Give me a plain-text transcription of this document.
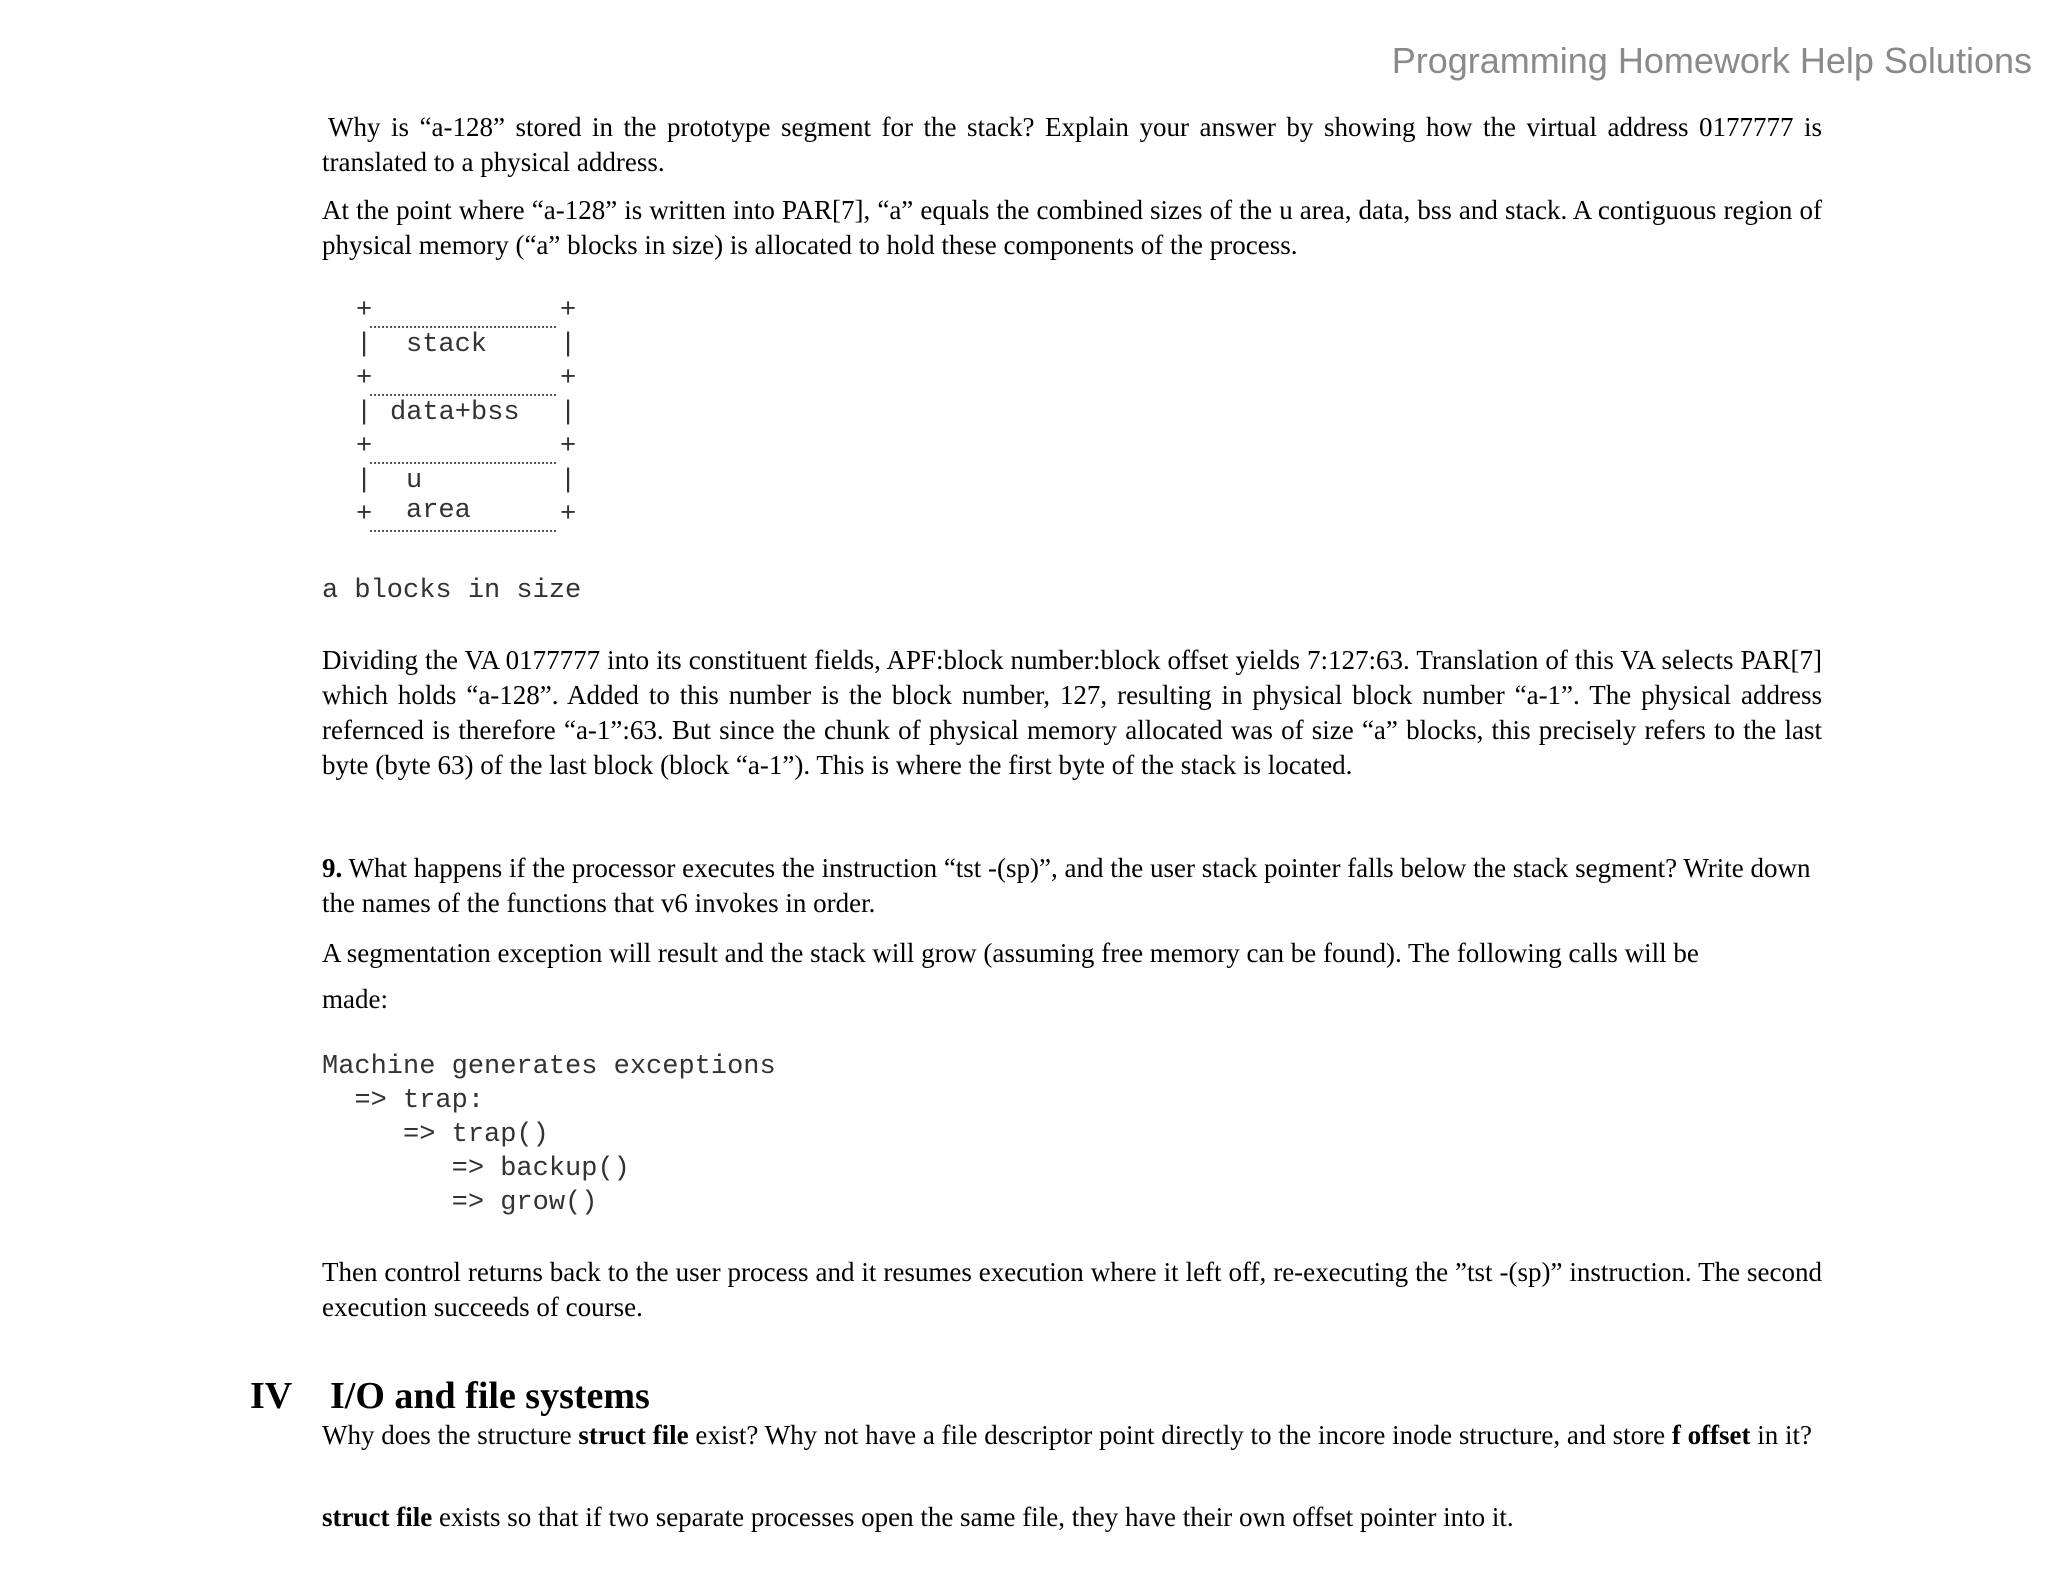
Programming Homework Help Solutions

Why is “a-128” stored in the prototype segment for the stack? Explain your answer by showing how the virtual address 0177777 is translated to a physical address.

At the point where “a-128” is written into PAR[7], “a” equals the combined sizes of the u area, data, bss and stack. A contiguous region of physical memory (“a” blocks in size) is allocated to hold these components of the process.

+	+
| stack	|
+	+
| data+bss |
+	+
| u area
|
+	+
a blocks in size

Dividing the VA 0177777 into its constituent fields, APF:block number:block offset yields 7:127:63. Translation of this VA selects PAR[7] which holds “a-128”. Added to this number is the block number, 127, resulting in physical block number “a-1”. The physical address refernced is therefore “a-1”:63. But since the chunk of physical memory allocated was of size “a” blocks, this precisely refers to the last byte (byte 63) of the last block (block “a-1”). This is where the first byte of the stack is located.

9. What happens if the processor executes the instruction “tst -(sp)”, and the user stack pointer falls below the stack segment? Write down the names of the functions that v6 invokes in order.

A segmentation exception will result and the stack will grow (assuming free memory can be found). The following calls will be

made:

Machine generates exceptions
=> trap:
=> trap()
=> backup()
=> grow()

Then control returns back to the user process and it resumes execution where it left off, re-executing the ”tst -(sp)” instruction. The second execution succeeds of course.

IV I/O and file systems

Why does the structure struct file exist? Why not have a file descriptor point directly to the incore inode structure, and store f offset in it?

struct file exists so that if two separate processes open the same file, they have their own offset pointer into it.
